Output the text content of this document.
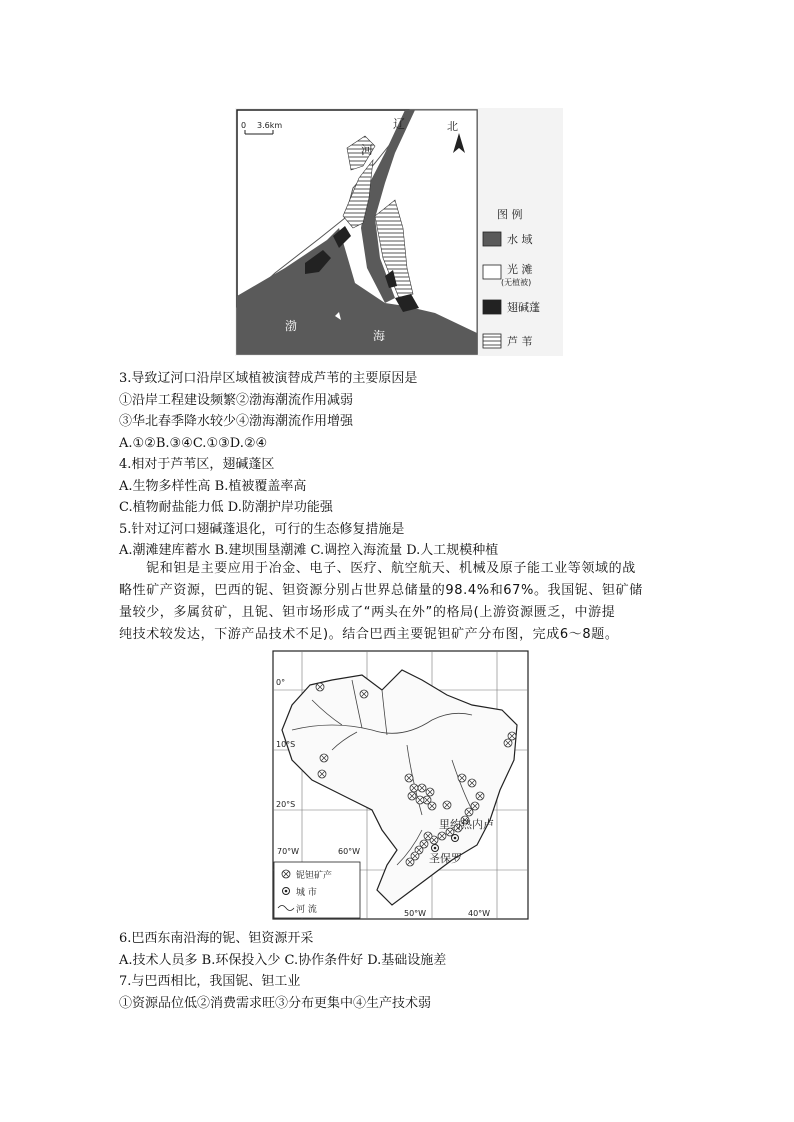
0 3.6km	北
辽
河
渤
海
图 例
水 域
光 滩
(无植被)
翅碱蓬
芦 苇
3.导致辽河口沿岸区域植被演替成芦苇的主要原因是
①沿岸工程建设频繁②渤海潮流作用减弱
③华北春季降水较少④渤海潮流作用增强
A.①②B.③④C.①③D.②④
4.相对于芦苇区，翅碱蓬区
A.生物多样性高 B.植被覆盖率高
C.植物耐盐能力低 D.防潮护岸功能强
5.针对辽河口翅碱蓬退化，可行的生态修复措施是
A.潮滩建库蓄水 B.建坝围垦潮滩 C.调控入海流量 D.人工规模种植
　　铌和钽是主要应用于冶金、电子、医疗、航空航天、机械及原子能工业等领域的战
略性矿产资源，巴西的铌、钽资源分别占世界总储量的98.4%和67%。我国铌、钽矿储
量较少，多属贫矿，且铌、钽市场形成了“两头在外”的格局(上游资源匮乏，中游提
纯技术较发达，下游产品技术不足)。结合巴西主要铌钽矿产分布图，完成6～8题。
里约热内卢
圣保罗
0°
10°S
20°S
70°W	60°W
50°W	40°W
铌钽矿产
城 市
河 流
6.巴西东南沿海的铌、钽资源开采
A.技术人员多 B.环保投入少 C.协作条件好 D.基础设施差
7.与巴西相比，我国铌、钽工业
①资源品位低②消费需求旺③分布更集中④生产技术弱
